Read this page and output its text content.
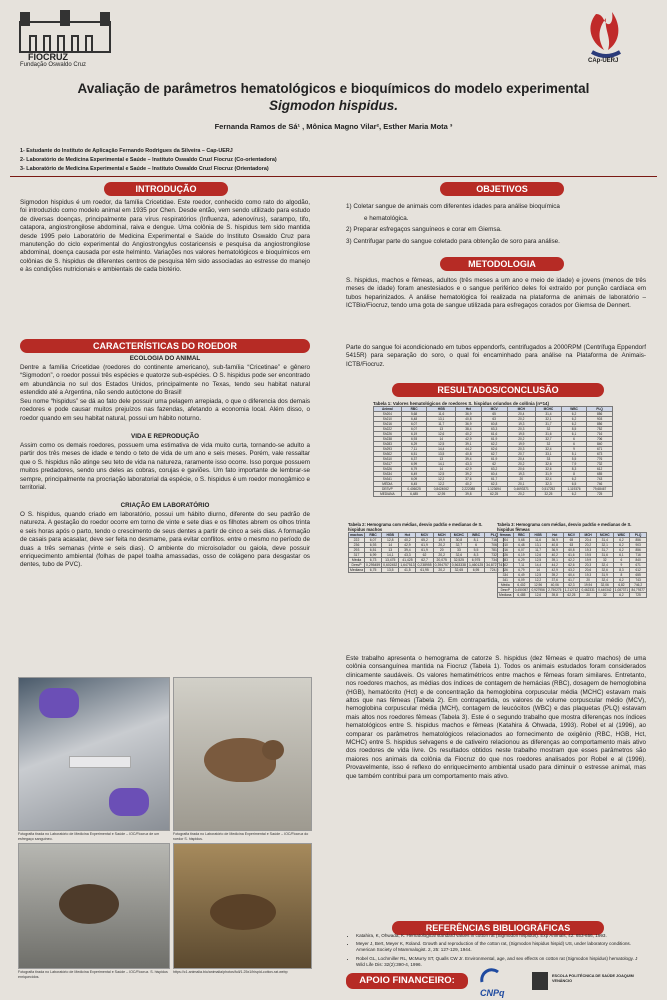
FIOCRUZ
Fundação Oswaldo Cruz
CAp-UERJ
Avaliação de parâmetros hematológicos e bioquímicos do modelo experimental
Sigmodon hispidus.
Fernanda Ramos de Sá¹ , Mônica Magno Vilar², Esther Maria Mota ³
1- Estudante do Instituto de Aplicação Fernando Rodrigues da Silveira – Cap-UERJ
2- Laboratório de Medicina Experimental e Saúde – Instituto Oswaldo Cruz/ Fiocruz (Co-orientadora)
3- Laboratório de Medicina Experimental e Saúde – Instituto Oswaldo Cruz/ Fiocruz (Orientadora)
INTRODUÇÃO
Sigmodon hispidus é um roedor, da família Cricetidae. Este roedor, conhecido como rato do algodão, foi introduzido como modelo animal em 1935 por Chen. Desde então, vem sendo utilizado para estudo de diversas doenças, principalmente para vírus respiratórios (Influenza, adenovírus), sarampo, tifo, catapora, angiostrongilose abdominal, raiva e dengue. Uma colônia de S. hispidus tem sido mantida desde 1995 pelo Laboratório de Medicina Experimental e Saúde do Instituto Oswaldo Cruz para manutenção do ciclo experimental do Angiostrongylus costaricensis e pesquisa da angiostrongilose abdominal, doença causada por este helminto. Variações nos valores hematológicos e bioquímicos em colônias de S. hispidus de diferentes centros de pesquisa têm sido associadas ao estresse do manejo e às condições nutricionais e ambientais de cada biotério.
CARACTERÍSTICAS DO ROEDOR
ECOLOGIA DO ANIMAL
Dentre a família Cricetidae (roedores do continente americano), sub-família “Cricetinae” e gênero “Sigmodon”, o roedor possui três espécies e quatorze sub-espécies. O S. hispidus pode ser encontrado em abundância no sul dos Estados Unidos, principalmente no Texas, tendo seu habitat natural estendido até a Argentina, não sendo autóctone do Brasil!
Seu nome “hispidus” se dá ao fato dele possuir uma pelagem arrepiada, o que o diferencia dos demais roedores e pode causar muitos prejuízos nas fazendas, afetando a economia local. Além disso, o roedor quando em seu habitat natural, possui um hábito noturno.
VIDA E REPRODUÇÃO
Assim como os demais roedores, possuem uma estimativa de vida muito curta, tornando-se adulto a partir dos três meses de idade e tendo o teto de vida de um ano e seis meses. Porém, vale ressaltar que o S. hispidus não atinge seu teto de vida na natureza, raramente isso ocorre. Isso porque possuem muitos predadores, sendo uns deles as cobras, corujas e gaviões. Um fato importante de lembrar-se sempre, principalmente na procriação laboratorial da espécie, o S. hispidus é um roedor monogâmico e territorial.
CRIAÇÃO EM LABORATÓRIO
O S. hispidus, quando criado em laboratório, possui um hábito diurno, diferente do seu padrão de natureza. A gestação do roedor ocorre em torno de vinte e sete dias e os filhotes abrem os olhos trinta e seis horas após o parto, tendo o crescimento de seus dentes a partir de cinco a seis dias. A formação de casais para acasalar, deve ser feita no desmame, para evitar conflitos. entre o mesmo no período de duas a três semanas (vinte e seis dias). O ambiente do microisolador ou gaiola, deve possuir enriquecimento ambiental (folhas de papel toalha amassadas, osso de colágeno para desgastar os dentes, tubo de PVC).
Fotografia tirada no Laboratório de Medicina Experimental e Saúde – IOC/Fiocruz de um esfregaço sanguíneo.
Fotografia tirada no Laboratório de Medicina Experimental e Saúde – IOC/Fiocruz do roedor S. hispidus.
Fotografia tirada no Laboratório de Medicina Experimental e Saúde – IOC/Fiocruz. S. hispidus enriquecidos.
https://c1.animalia.bio/animalia/photos/full/1.25x1/hispid-cotton-rat.webp
OBJETIVOS
1) Coletar sangue de animais com diferentes idades para análise bioquímica
e hematológica.
2) Preparar esfregaços sanguíneos e corar em Giemsa.
3) Centrifugar parte do sangue coletado para obtenção de soro para análise.
METODOLOGIA
S. hispidus, machos e fêmeas, adultos (três meses a um ano e meio de idade) e jovens (menos de três meses de idade) foram anestesiados e o sangue periférico deles foi extraído por punção cardíaca em tubos heparinizados. A análise hematológica foi realizada na plataforma de animais de laboratório – ICTBio/Fiocruz, tendo uma gota de sangue utilizada para esfregaços corados por Giemsa de Dennert.
Parte do sangue foi acondicionado em tubos eppendorfs, centrifugados a 2000RPM (Centrífuga Eppendorf 5415R) para separação do soro, o qual foi encaminhado para análise na Plataforma de Animais-ICTB/Fiocruz.
RESULTADOS/CONCLUSÃO
Tabela 1: Valores hematológicos de roedores S. hispidus oriundos de colônia (n=14)
Animal	RBC	HGB	Hct	MCV	MCH	MCHC	WBC	PLQ
Sh204	5,68	11,6	36,9	65	20,4	31,4	6,2	856
Sh210	6,48	13,1	40,8	63	20,2	32,1	6,2	903
Sh216	6,07	11,7	36,9	60,8	19,3	31,7	6,2	856
Sh222	6,07	13	38,4	63,3	20,3	32	8,5	752
Sh226	6,19	12,6	40,2	61,6	19,5	31,6	6,1	716
Sh238	6,93	14	42,9	61,9	20,2	32,7	6	706
Sh283	6,29	12,5	39,1	62,2	19,9	32	6	840
Sh293	7,11	14,4	44,2	62,6	20,3	32,4	9	671
Sh302	6,51	13,5	40,8	62,7	20,7	33,1	5,1	673
Sh310	6,37	13	39,4	61,9	20,4	33	5,5	776
Sh317	6,99	14,1	43,3	62	20,2	32,6	7,9	732
Sh326	6,79	14	42,9	63,2	20,6	32,6	8,3	612
Sh334	6,49	12,5	39,2	60,4	19,3	31,9	8	655
Sh341	6,09	12,2	37,6	61,7	20	32,4	6,2	743
MÉDIA	6,45	12,2	40,2	62,3	20,1	32,3	6,5	746
DESVP	0,406025	0,8424062	2,222088	1,123694	0,4693371	0,517252	1,119376	79,68467
MEDIANA	6,485	12,95	39,8	62,25	20,2	32,25	6,2	725
Tabela 2: Hemograma com médias, desvio padrão e medianas de S. hispidus machos
machos	RBC	HGB	Hct	MCV	MCH	MCHC	WBC	PLQ
222	6,07	12,8	40,2	65,2	19,9	30,8	8,1	716
236	6,93	14	42,9	61,9	20,2	32,7	6	706
293	6,51	13	39,4	61,9	20	33	5,5	781
317	6,99	14,1	43,3	62	20,2	32,6	8,3	732
Média	6,73	13,475	41,425	62,7	20,075	32,525	6,975	734
DesvP	0,295459	0,602452	1,647513	0,238955	0,394757	0,563338	1,460125	34,872774
Mediana	6,75	13,5	41,5	61,95	20,2	32,65	6,95	724,5
Tabela 3: Hemograma com médias, desvio padrão e medianas de S. hispidus fêmeas
fêmeas	RBC	HGB	Hct	MCV	MCH	MCHC	WBC	PLQ
204	5,68	11,6	36,9	65	20,4	31,4	6,2	856
210	6,48	13,1	40,8	63	20,2	32,1	6,2	903
216	6,07	11,7	36,9	60,8	19,3	31,7	6,2	856
226	6,19	12,6	40,2	61,6	19,5	31,6	6,1	716
283	6,29	12,5	39,1	62,2	19,9	32	6	840
302	7,11	14,4	44,2	62,6	20,3	32,4	9	671
326	6,79	14	42,9	63,2	20,6	32,6	8,3	612
334	6,49	12,5	39,2	60,4	19,3	31,9	8	655
341	6,09	12,2	37,6	61,7	20	32,4	6,2	743
Média	6,402	12,96	40,06	62,3	19,94	32,06	6,82	746,2
DesvP	0,450057	0,927956	2,750275	1,212712	0,462331	0,440342	1,087371	84,79377
Mediana	6,485	12,6	39,8	62,25	20	32	6,2	725
Este trabalho apresenta o hemograma de catorze S. hispidus (dez fêmeas e quatro machos) de uma colônia consanguínea mantida na Fiocruz (Tabela 1). Todos os animais estudados foram considerados clinicamente saudáveis. Os valores hematimétricos entre machos e fêmeas foram similares. Entretanto, nos roedores machos, as médias dos índices de contagem de hemácias (RBC), dosagem de hemoglobina (HGB), hematócrito (Hct) e de concentração da hemoglobina corpuscular média (MCHC) estavam mais altos que nas fêmeas (Tabela 2). Em contrapartida, os valores de volume corpuscular médio (MCV), hemoglobina corpuscular média (MCH), contagem de leucócitos (WBC) e das plaquetas (PLQ) estavam mais altos nos roedores fêmeas (Tabela 3). Este é o segundo trabalho que mostra diferenças nos índices hematológicos entre S. hispidus machos e fêmeas (Katahira & Ohwada, 1993). Robel et al (1996), ao comparar os parâmetros hematológicos relacionados ao fornecimento de oxigênio (RBC, HGB, Hct, MCHC) entre S. hispidus selvagens e de cativeiro relacionou as diferenças ao comportamento mais ativo dos roedores de vida livre. Os resultados obtidos neste trabalho mostram que esses parâmetros são maiores nos animais da colônia da Fiocruz do que nos roedores analisados por Robel e al (1996). Provavelmente, isso é reflexo do enriquecimento ambiental usado para diminuir o estresse animal, mas que também contribui para um comportamento mais ativo.
REFERÊNCIAS BIBLIOGRÁFICAS
• Katahira, K, Ohwada, K. Hematological standard values in cotton rat (Sigmodon hispidus). Exp Animals, 42: 653-656, 1993.
• Meyer J, Bert, Meyer K, Roland. Growth and reproduction of the cotton rat, (Sigmodon hispidus hispid) US, under laboratory conditions. American Society of Mammalogist. 2, 25: 127-129, 1944.
• Robel GL, Lochmiller RL, McMurry ST, Qualls CW Jr. Environmental, age, and sex effects on cotton rat (Sigmodon hispidus) hematology. J Wild Life Dis: 32(2):390-4, 1996.
APOIO FINANCEIRO:
CNPq
ESCOLA POLITÉCNICA DE SAÚDE JOAQUIM VENÂNCIO
